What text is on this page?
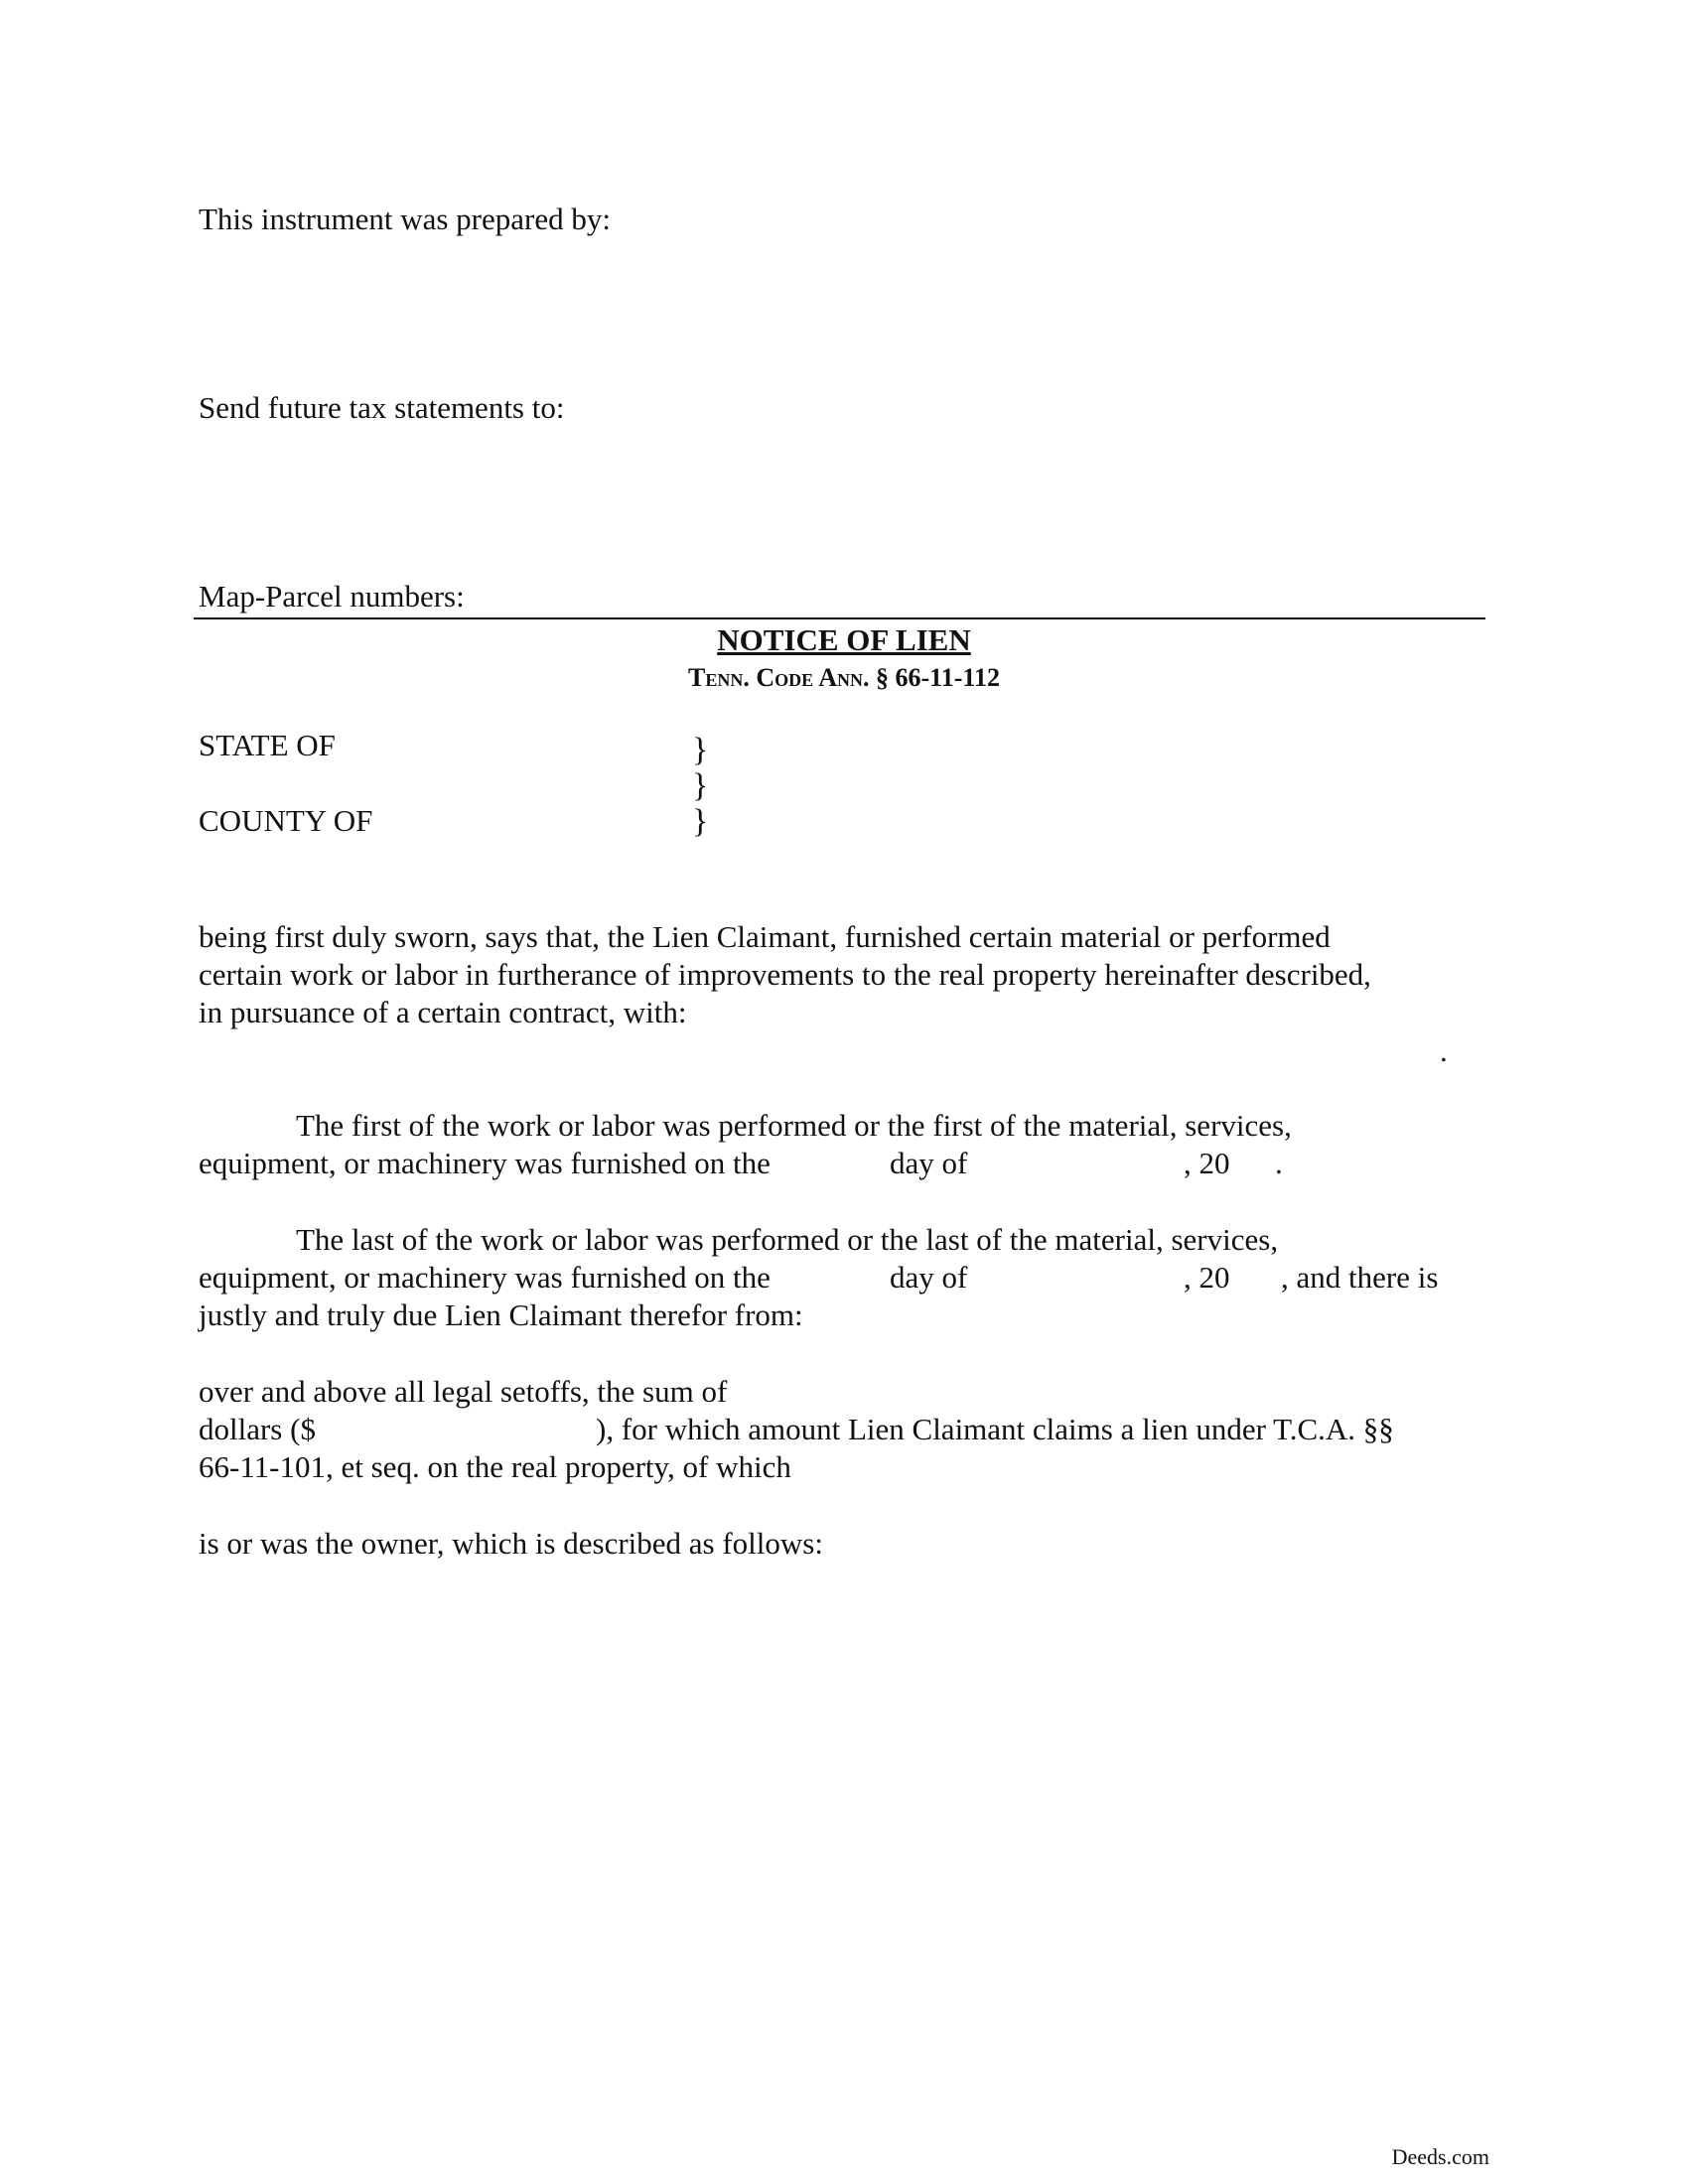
This instrument was prepared by:
Send future tax statements to:
Map-Parcel numbers:
NOTICE OF LIEN
Tenn. Code Ann. § 66-11-112
STATE OF	}
}
COUNTY OF	}
being first duly sworn, says that, the Lien Claimant, furnished certain material or performed
certain work or labor in furtherance of improvements to the real property hereinafter described,
in pursuance of a certain contract, with:
.
The first of the work or labor was performed or the first of the material, services,
equipment, or machinery was furnished on the	day of	, 20 .
The last of the work or labor was performed or the last of the material, services,
equipment, or machinery was furnished on the	day of	, 20 , and there is
justly and truly due Lien Claimant therefor from:
over and above all legal setoffs, the sum of
dollars ($	), for which amount Lien Claimant claims a lien under T.C.A. §§
66-11-101, et seq. on the real property, of which
is or was the owner, which is described as follows:
Deeds.com
